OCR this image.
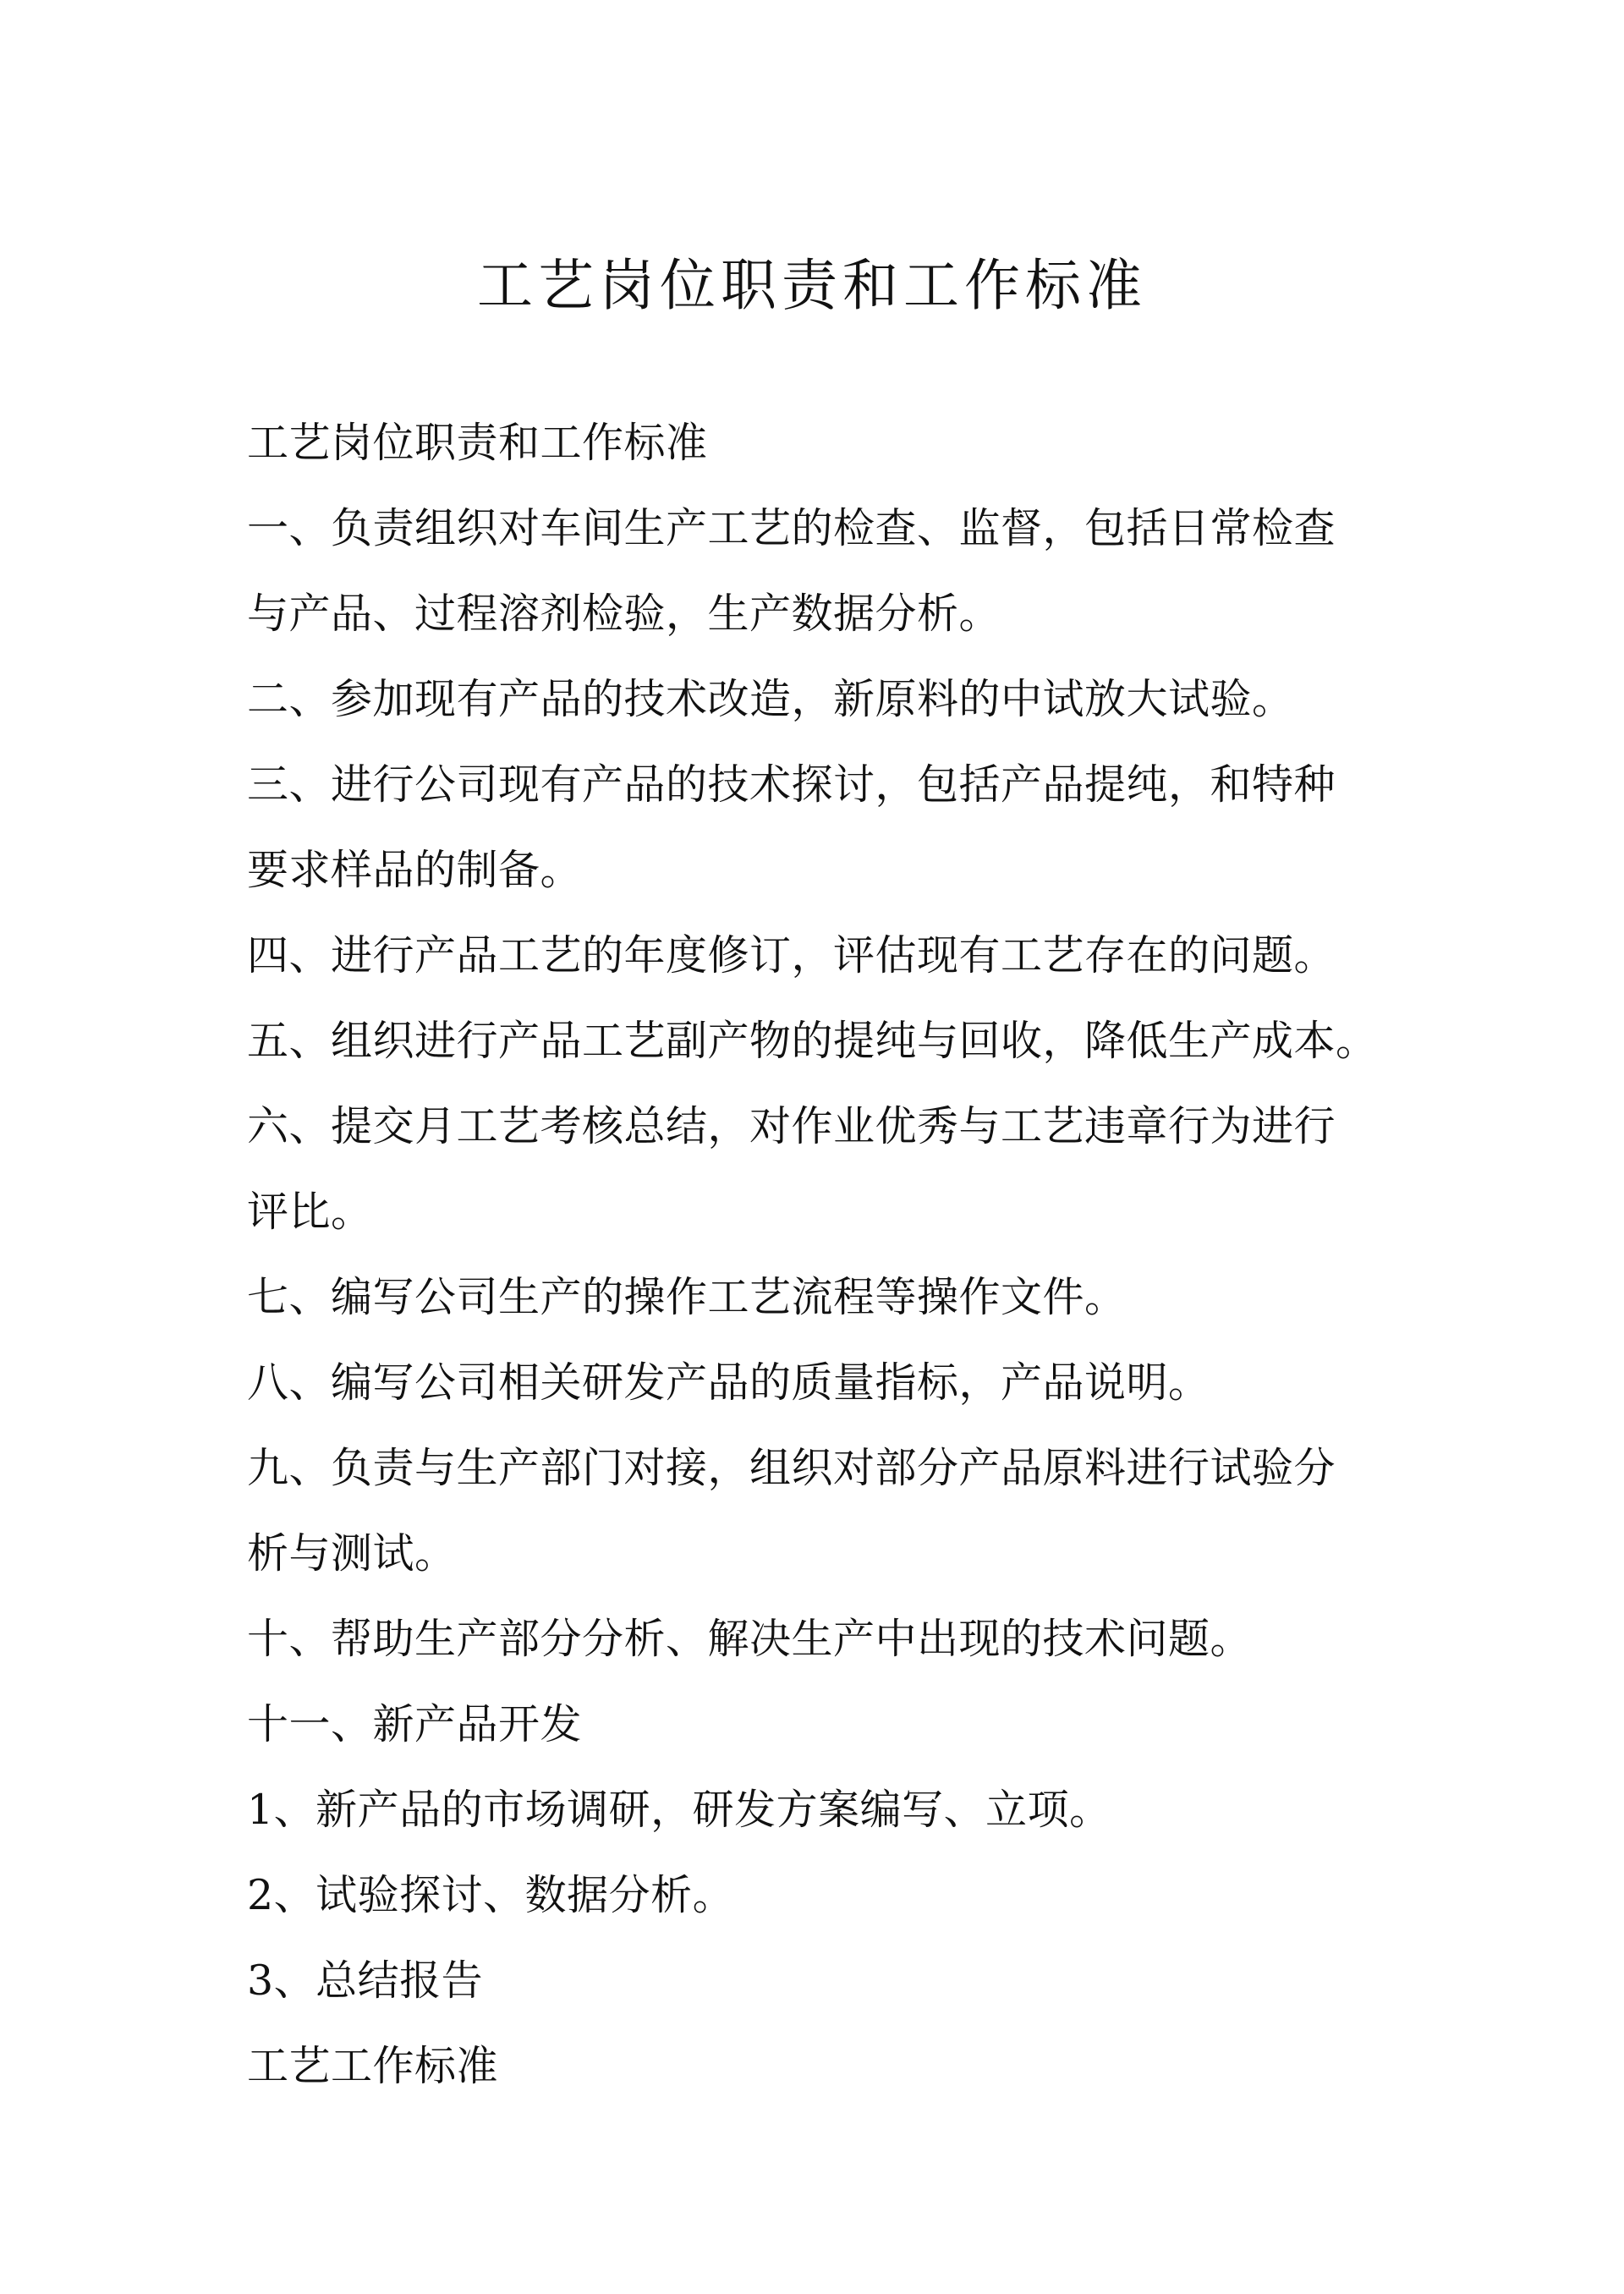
工艺岗位职责和工作标准
工艺岗位职责和工作标准
一、负责组织对车间生产工艺的检查、监督，包括日常检查
与产品、过程溶剂检验，生产数据分析。
二、参加现有产品的技术改造，新原料的中试放大试验。
三、进行公司现有产品的技术探讨，包括产品提纯，和特种
要求样品的制备。
四、进行产品工艺的年度修订，评估现有工艺存在的问题。
五、组织进行产品工艺副产物的提纯与回收，降低生产成本。
六、提交月工艺考核总结，对作业优秀与工艺违章行为进行
评比。
七、编写公司生产的操作工艺流程等操作文件。
八、编写公司相关研发产品的质量指标，产品说明。
九、负责与生产部门对接，组织对部分产品原料进行试验分
析与测试。
十、帮助生产部分分析、解决生产中出现的技术问题。
十一、新产品开发
1、新产品的市场调研，研发方案编写、立项。
2、试验探讨、数据分析。
3、总结报告
工艺工作标准
